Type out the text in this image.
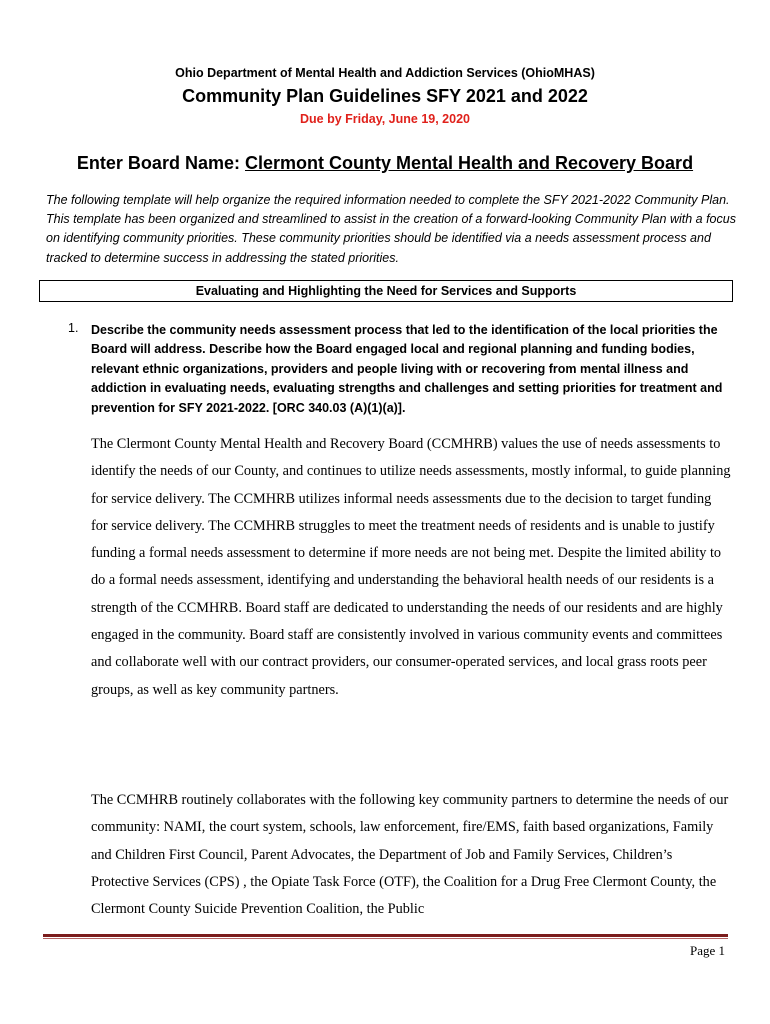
Ohio Department of Mental Health and Addiction Services (OhioMHAS)
Community Plan Guidelines SFY 2021 and 2022
Due by Friday, June 19, 2020
Enter Board Name: Clermont County Mental Health and Recovery Board
The following template will help organize the required information needed to complete the SFY 2021-2022 Community Plan. This template has been organized and streamlined to assist in the creation of a forward-looking Community Plan with a focus on identifying community priorities. These community priorities should be identified via a needs assessment process and tracked to determine success in addressing the stated priorities.
Evaluating and Highlighting the Need for Services and Supports
1. Describe the community needs assessment process that led to the identification of the local priorities the Board will address. Describe how the Board engaged local and regional planning and funding bodies, relevant ethnic organizations, providers and people living with or recovering from mental illness and addiction in evaluating needs, evaluating strengths and challenges and setting priorities for treatment and prevention for SFY 2021-2022. [ORC 340.03 (A)(1)(a)].
The Clermont County Mental Health and Recovery Board (CCMHRB) values the use of needs assessments to identify the needs of our County, and continues to utilize needs assessments, mostly informal, to guide planning for service delivery. The CCMHRB utilizes informal needs assessments due to the decision to target funding for service delivery. The CCMHRB struggles to meet the treatment needs of residents and is unable to justify funding a formal needs assessment to determine if more needs are not being met. Despite the limited ability to do a formal needs assessment, identifying and understanding the behavioral health needs of our residents is a strength of the CCMHRB. Board staff are dedicated to understanding the needs of our residents and are highly engaged in the community. Board staff are consistently involved in various community events and committees and collaborate well with our contract providers, our consumer-operated services, and local grass roots peer groups, as well as key community partners.
The CCMHRB routinely collaborates with the following key community partners to determine the needs of our community: NAMI, the court system, schools, law enforcement, fire/EMS, faith based organizations, Family and Children First Council, Parent Advocates, the Department of Job and Family Services, Children’s Protective Services (CPS) , the Opiate Task Force (OTF), the Coalition for a Drug Free Clermont County, the Clermont County Suicide Prevention Coalition, the Public
Page 1
